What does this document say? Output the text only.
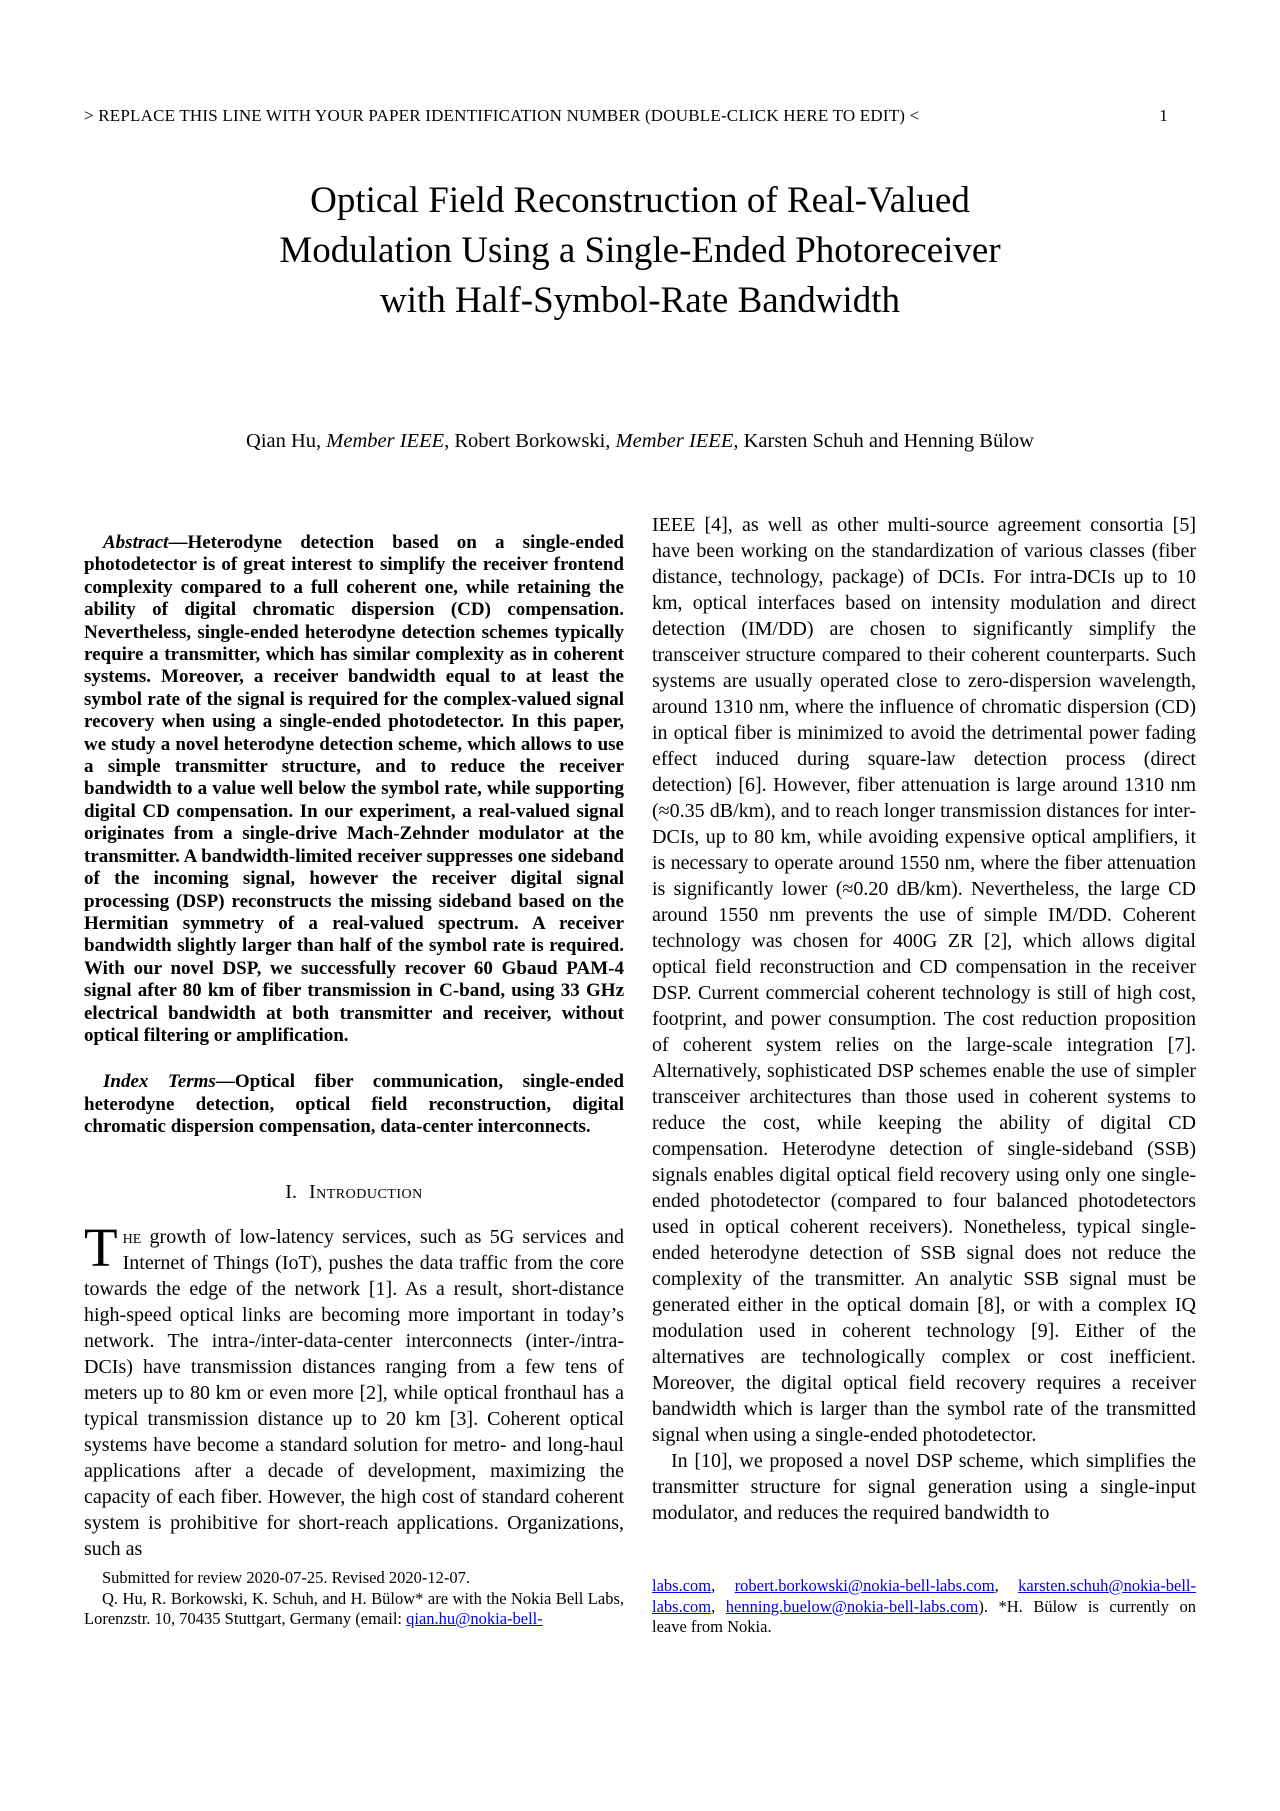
> REPLACE THIS LINE WITH YOUR PAPER IDENTIFICATION NUMBER (DOUBLE-CLICK HERE TO EDIT) <	1
Optical Field Reconstruction of Real-Valued
Modulation Using a Single-Ended Photoreceiver
with Half-Symbol-Rate Bandwidth
Qian Hu, Member IEEE, Robert Borkowski, Member IEEE, Karsten Schuh and Henning Bülow

Abstract—Heterodyne detection based on a single-ended photodetector is of great interest to simplify the receiver frontend complexity compared to a full coherent one, while retaining the ability of digital chromatic dispersion (CD) compensation. Nevertheless, single-ended heterodyne detection schemes typically require a transmitter, which has similar complexity as in coherent systems. Moreover, a receiver bandwidth equal to at least the symbol rate of the signal is required for the complex-valued signal recovery when using a single-ended photodetector. In this paper, we study a novel heterodyne detection scheme, which allows to use a simple transmitter structure, and to reduce the receiver bandwidth to a value well below the symbol rate, while supporting digital CD compensation. In our experiment, a real-valued signal originates from a single-drive Mach-Zehnder modulator at the transmitter. A bandwidth-limited receiver suppresses one sideband of the incoming signal, however the receiver digital signal processing (DSP) reconstructs the missing sideband based on the Hermitian symmetry of a real-valued spectrum. A receiver bandwidth slightly larger than half of the symbol rate is required. With our novel DSP, we successfully recover 60 Gbaud PAM-4 signal after 80 km of fiber transmission in C-band, using 33 GHz electrical bandwidth at both transmitter and receiver, without optical filtering or amplification.

Index Terms—Optical fiber communication, single-ended heterodyne detection, optical field reconstruction, digital chromatic dispersion compensation, data-center interconnects.

I. Introduction

The growth of low-latency services, such as 5G services and Internet of Things (IoT), pushes the data traffic from the core towards the edge of the network [1]. As a result, short-distance high-speed optical links are becoming more important in today’s network. The intra-/inter-data-center interconnects (inter-/intra-DCIs) have transmission distances ranging from a few tens of meters up to 80 km or even more [2], while optical fronthaul has a typical transmission distance up to 20 km [3]. Coherent optical systems have become a standard solution for metro- and long-haul applications after a decade of development, maximizing the capacity of each fiber. However, the high cost of standard coherent system is prohibitive for short-reach applications. Organizations, such as

IEEE [4], as well as other multi-source agreement consortia [5] have been working on the standardization of various classes (fiber distance, technology, package) of DCIs. For intra-DCIs up to 10 km, optical interfaces based on intensity modulation and direct detection (IM/DD) are chosen to significantly simplify the transceiver structure compared to their coherent counterparts. Such systems are usually operated close to zero-dispersion wavelength, around 1310 nm, where the influence of chromatic dispersion (CD) in optical fiber is minimized to avoid the detrimental power fading effect induced during square-law detection process (direct detection) [6]. However, fiber attenuation is large around 1310 nm (≈0.35 dB/km), and to reach longer transmission distances for inter-DCIs, up to 80 km, while avoiding expensive optical amplifiers, it is necessary to operate around 1550 nm, where the fiber attenuation is significantly lower (≈0.20 dB/km). Nevertheless, the large CD around 1550 nm prevents the use of simple IM/DD. Coherent technology was chosen for 400G ZR [2], which allows digital optical field reconstruction and CD compensation in the receiver DSP. Current commercial coherent technology is still of high cost, footprint, and power consumption. The cost reduction proposition of coherent system relies on the large-scale integration [7]. Alternatively, sophisticated DSP schemes enable the use of simpler transceiver architectures than those used in coherent systems to reduce the cost, while keeping the ability of digital CD compensation. Heterodyne detection of single-sideband (SSB) signals enables digital optical field recovery using only one single-ended photodetector (compared to four balanced photodetectors used in optical coherent receivers). Nonetheless, typical single-ended heterodyne detection of SSB signal does not reduce the complexity of the transmitter. An analytic SSB signal must be generated either in the optical domain [8], or with a complex IQ modulation used in coherent technology [9]. Either of the alternatives are technologically complex or cost inefficient. Moreover, the digital optical field recovery requires a receiver bandwidth which is larger than the symbol rate of the transmitted signal when using a single-ended photodetector.

In [10], we proposed a novel DSP scheme, which simplifies the transmitter structure for signal generation using a single-input modulator, and reduces the required bandwidth to

Submitted for review 2020-07-25. Revised 2020-12-07.

Q. Hu, R. Borkowski, K. Schuh, and H. Bülow* are with the Nokia Bell Labs, Lorenzstr. 10, 70435 Stuttgart, Germany (email: qian.hu@nokia-bell-

labs.com, robert.borkowski@nokia-bell-labs.com, karsten.schuh@nokia-bell-labs.com, henning.buelow@nokia-bell-labs.com). *H. Bülow is currently on leave from Nokia.
